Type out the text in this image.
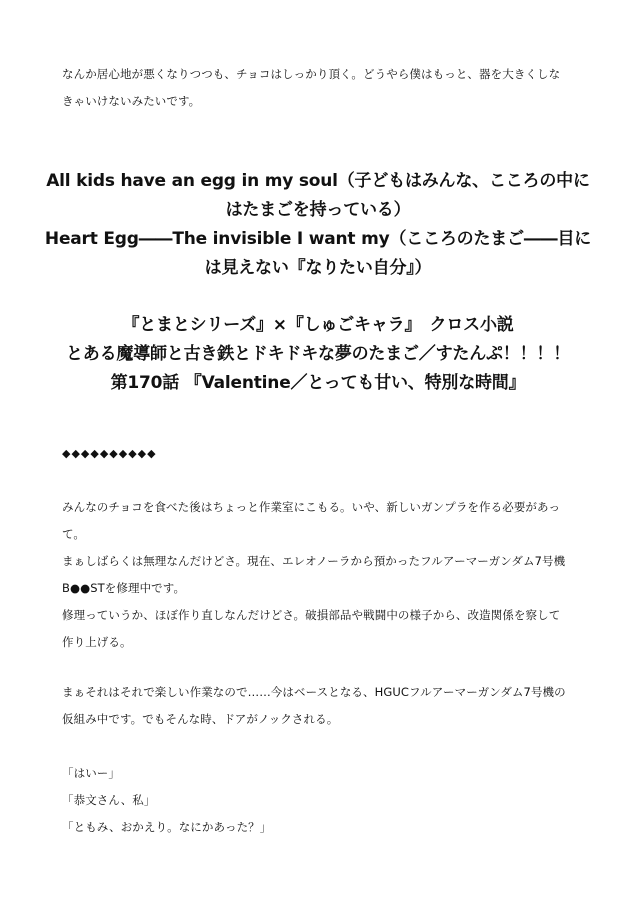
なんか居心地が悪くなりつつも、チョコはしっかり頂く。どうやら僕はもっと、器を大きくしな
きゃいけないみたいです。
All kids have an egg in my soul（子どもはみんな、こころの中に
はたまごを持っている）
Heart Egg――The invisible I want my（こころのたまご――目に
は見えない『なりたい自分』）
『とまとシリーズ』×『しゅごキャラ』　クロス小説
とある魔導師と古き鉄とドキドキな夢のたまご／すたんぷ！！！！
第170話 『Valentine／とっても甘い、特別な時間』
◆◆◆◆◆◆◆◆◆◆
みんなのチョコを食べた後はちょっと作業室にこもる。いや、新しいガンプラを作る必要があっ
て。
まぁしばらくは無理なんだけどさ。現在、エレオノーラから預かったフルアーマーガンダム7号機
B●●STを修理中です。
修理っていうか、ほぼ作り直しなんだけどさ。破損部品や戦闘中の様子から、改造関係を察して
作り上げる。
まぁそれはそれで楽しい作業なので……今はベースとなる、HGUCフルアーマーガンダム7号機の
仮組み中です。でもそんな時、ドアがノックされる。
「はいー」
「恭文さん、私」
「ともみ、おかえり。なにかあった？」
